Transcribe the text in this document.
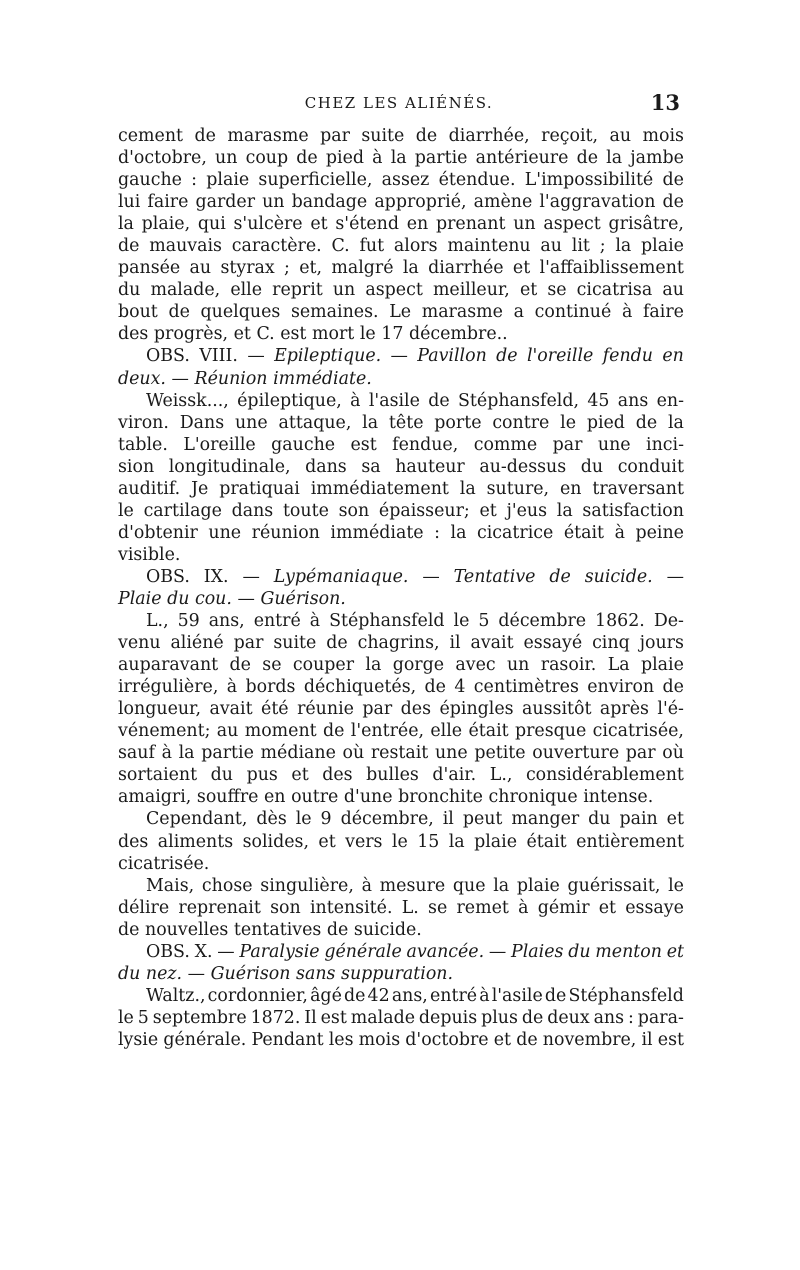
CHEZ LES ALIÉNÉS.	13
cement de marasme par suite de diarrhée, reçoit, au mois
d'octobre, un coup de pied à la partie antérieure de la jambe
gauche : plaie superficielle, assez étendue. L'impossibilité de
lui faire garder un bandage approprié, amène l'aggravation de
la plaie, qui s'ulcère et s'étend en prenant un aspect grisâtre,
de mauvais caractère. C. fut alors maintenu au lit ; la plaie
pansée au styrax ; et, malgré la diarrhée et l'affaiblissement
du malade, elle reprit un aspect meilleur, et se cicatrisa au
bout de quelques semaines. Le marasme a continué à faire
des progrès, et C. est mort le 17 décembre..
OBS. VIII. — Epileptique. — Pavillon de l'oreille fendu en
deux. — Réunion immédiate.
Weissk..., épileptique, à l'asile de Stéphansfeld, 45 ans en-
viron. Dans une attaque, la tête porte contre le pied de la
table. L'oreille gauche est fendue, comme par une inci-
sion longitudinale, dans sa hauteur au-dessus du conduit
auditif. Je pratiquai immédiatement la suture, en traversant
le cartilage dans toute son épaisseur; et j'eus la satisfaction
d'obtenir une réunion immédiate : la cicatrice était à peine
visible.
OBS. IX. — Lypémaniaque. — Tentative de suicide. —
Plaie du cou. — Guérison.
L., 59 ans, entré à Stéphansfeld le 5 décembre 1862. De-
venu aliéné par suite de chagrins, il avait essayé cinq jours
auparavant de se couper la gorge avec un rasoir. La plaie
irrégulière, à bords déchiquetés, de 4 centimètres environ de
longueur, avait été réunie par des épingles aussitôt après l'é-
vénement; au moment de l'entrée, elle était presque cicatrisée,
sauf à la partie médiane où restait une petite ouverture par où
sortaient du pus et des bulles d'air. L., considérablement
amaigri, souffre en outre d'une bronchite chronique intense.
Cependant, dès le 9 décembre, il peut manger du pain et
des aliments solides, et vers le 15 la plaie était entièrement
cicatrisée.
Mais, chose singulière, à mesure que la plaie guérissait, le
délire reprenait son intensité. L. se remet à gémir et essaye
de nouvelles tentatives de suicide.
OBS. X. — Paralysie générale avancée. — Plaies du menton et
du nez. — Guérison sans suppuration.
Waltz., cordonnier, âgé de 42 ans, entré à l'asile de Stéphansfeld
le 5 septembre 1872. Il est malade depuis plus de deux ans : para-
lysie générale. Pendant les mois d'octobre et de novembre, il est
